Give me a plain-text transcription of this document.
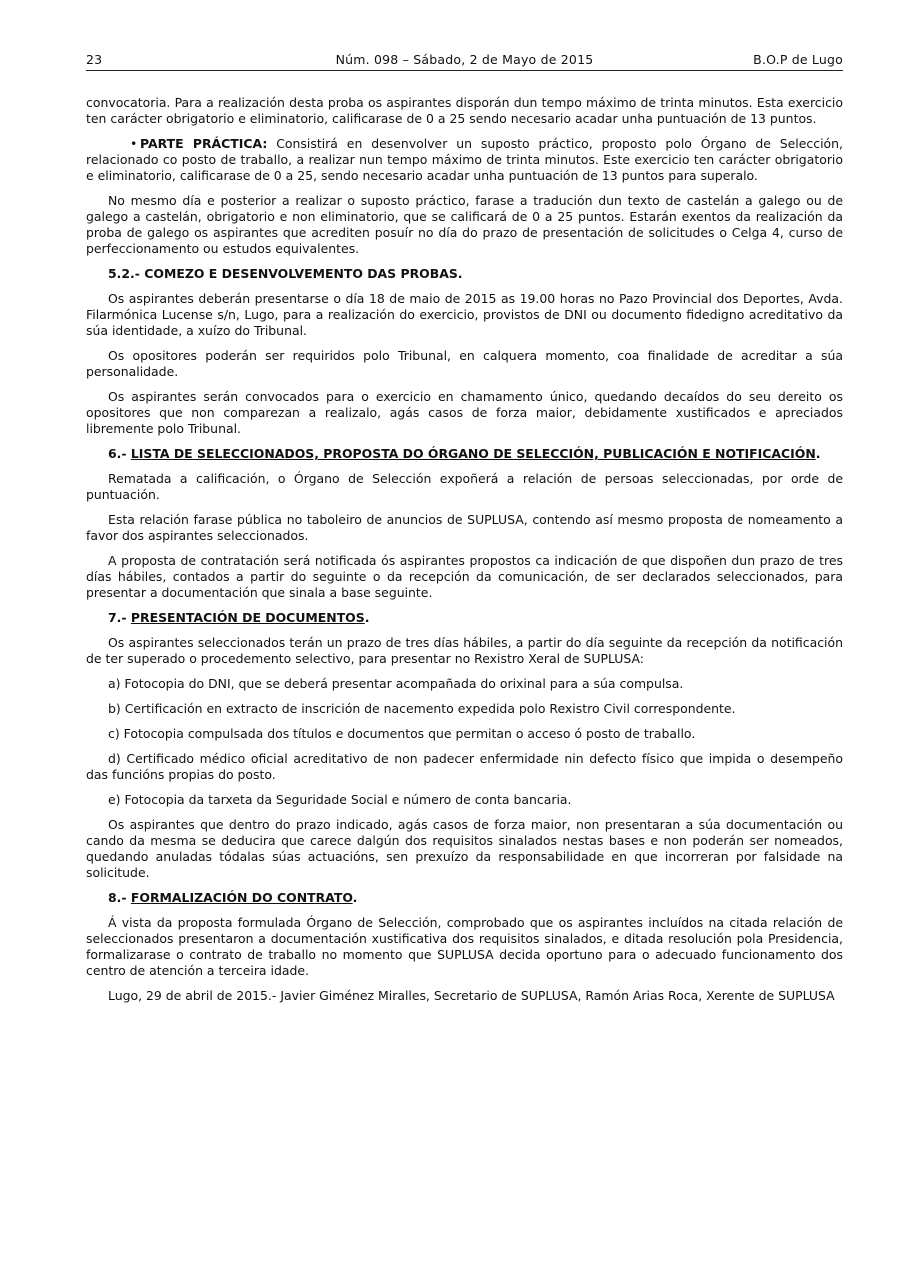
23	Núm. 098 – Sábado, 2 de Mayo de 2015	B.O.P de Lugo

convocatoria. Para a realización desta proba os aspirantes disporán dun tempo máximo de trinta minutos. Esta exercicio ten carácter obrigatorio e eliminatorio, calificarase de 0 a 25 sendo necesario acadar unha puntuación de 13 puntos.

• PARTE PRÁCTICA: Consistirá en desenvolver un suposto práctico, proposto polo Órgano de Selección, relacionado co posto de traballo, a realizar nun tempo máximo de trinta minutos. Este exercicio ten carácter obrigatorio e eliminatorio, calificarase de 0 a 25, sendo necesario acadar unha puntuación de 13 puntos para superalo.

No mesmo día e posterior a realizar o suposto práctico, farase a tradución dun texto de castelán a galego ou de galego a castelán, obrigatorio e non eliminatorio, que se calificará de 0 a 25 puntos. Estarán exentos da realización da proba de galego os aspirantes que acrediten posuír no día do prazo de presentación de solicitudes o Celga 4, curso de perfeccionamento ou estudos equivalentes.

5.2.- COMEZO E DESENVOLVEMENTO DAS PROBAS.

Os aspirantes deberán presentarse o día 18 de maio de 2015 as 19.00 horas no Pazo Provincial dos Deportes, Avda. Filarmónica Lucense s/n, Lugo, para a realización do exercicio, provistos de DNI ou documento fidedigno acreditativo da súa identidade, a xuízo do Tribunal.

Os opositores poderán ser requiridos polo Tribunal, en calquera momento, coa finalidade de acreditar a súa personalidade.

Os aspirantes serán convocados para o exercicio en chamamento único, quedando decaídos do seu dereito os opositores que non comparezan a realizalo, agás casos de forza maior, debidamente xustificados e apreciados libremente polo Tribunal.

6.- LISTA DE SELECCIONADOS, PROPOSTA DO ÓRGANO DE SELECCIÓN, PUBLICACIÓN E NOTIFICACIÓN.

Rematada a calificación, o Órgano de Selección expoñerá a relación de persoas seleccionadas, por orde de puntuación.

Esta relación farase pública no taboleiro de anuncios de SUPLUSA, contendo así mesmo proposta de nomeamento a favor dos aspirantes seleccionados.

A proposta de contratación será notificada ós aspirantes propostos ca indicación de que dispoñen dun prazo de tres días hábiles, contados a partir do seguinte o da recepción da comunicación, de ser declarados seleccionados, para presentar a documentación que sinala a base seguinte.

7.- PRESENTACIÓN DE DOCUMENTOS.

Os aspirantes seleccionados terán un prazo de tres días hábiles, a partir do día seguinte da recepción da notificación de ter superado o procedemento selectivo, para presentar no Rexistro Xeral de SUPLUSA:

a) Fotocopia do DNI, que se deberá presentar acompañada do orixinal para a súa compulsa.

b) Certificación en extracto de inscrición de nacemento expedida polo Rexistro Civil correspondente.

c) Fotocopia compulsada dos títulos e documentos que permitan o acceso ó posto de traballo.

d) Certificado médico oficial acreditativo de non padecer enfermidade nin defecto físico que impida o desempeño das funcións propias do posto.

e) Fotocopia da tarxeta da Seguridade Social e número de conta bancaria.

Os aspirantes que dentro do prazo indicado, agás casos de forza maior, non presentaran a súa documentación ou cando da mesma se deducira que carece dalgún dos requisitos sinalados nestas bases e non poderán ser nomeados, quedando anuladas tódalas súas actuacións, sen prexuízo da responsabilidade en que incorreran por falsidade na solicitude.

8.- FORMALIZACIÓN DO CONTRATO.

Á vista da proposta formulada Órgano de Selección, comprobado que os aspirantes incluídos na citada relación de seleccionados presentaron a documentación xustificativa dos requisitos sinalados, e ditada resolución pola Presidencia, formalizarase o contrato de traballo no momento que SUPLUSA decida oportuno para o adecuado funcionamento dos centro de atención a terceira idade.

Lugo, 29 de abril de 2015.- Javier Giménez Miralles, Secretario de SUPLUSA, Ramón Arias Roca, Xerente de SUPLUSA
